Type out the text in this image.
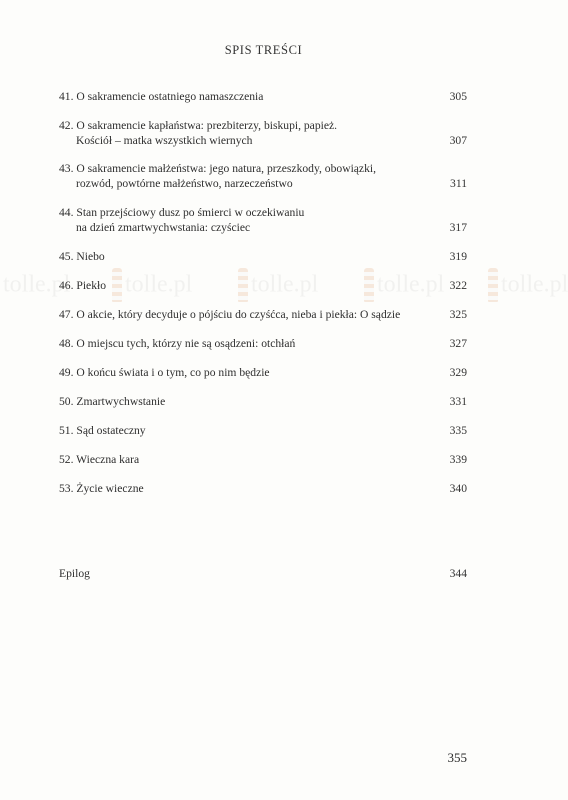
SPIS TREŚCI
tolle.pl	tolle.pl	tolle.pl	tolle.pl	tolle.pl
41. O sakramencie ostatniego namaszczenia	305
42. O sakramencie kapłaństwa: prezbiterzy, biskupi, papież.
Kościół – matka wszystkich wiernych	307
43. O sakramencie małżeństwa: jego natura, przeszkody, obowiązki,
rozwód, powtórne małżeństwo, narzeczeństwo	311
44. Stan przejściowy dusz po śmierci w oczekiwaniu
na dzień zmartwychwstania: czyściec	317
45. Niebo	319
46. Piekło	322
47. O akcie, który decyduje o pójściu do czyśćca, nieba i piekła: O sądzie	325
48. O miejscu tych, którzy nie są osądzeni: otchłań	327
49. O końcu świata i o tym, co po nim będzie	329
50. Zmartwychwstanie	331
51. Sąd ostateczny	335
52. Wieczna kara	339
53. Życie wieczne	340
Epilog	344
355
